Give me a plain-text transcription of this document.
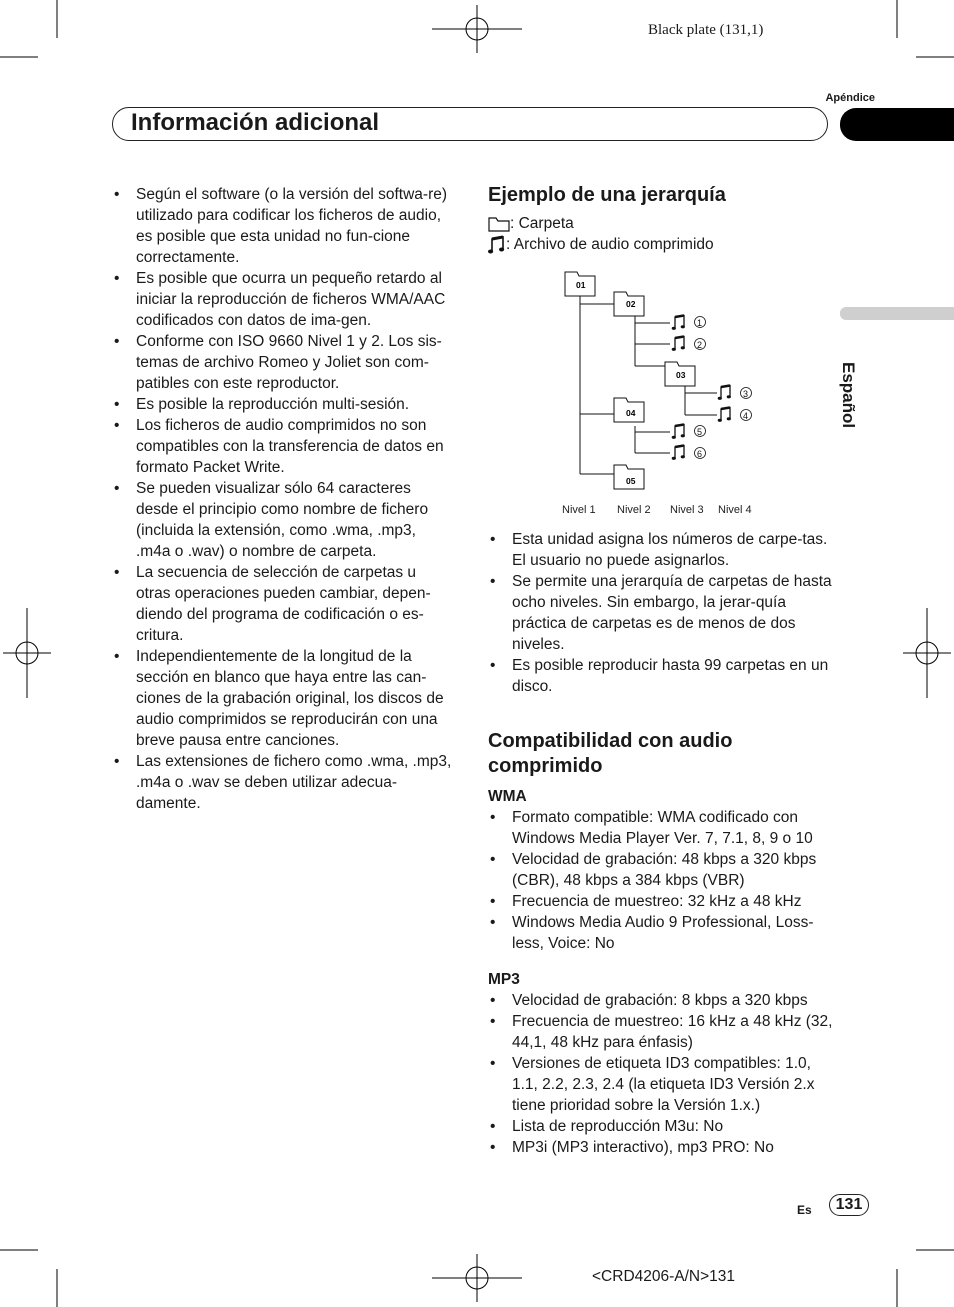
Black plate (131,1)
Apéndice
Información adicional
Español
• Según el software (o la versión del softwa-re) utilizado para codificar los ficheros de audio, es posible que esta unidad no fun-cione correctamente.
• Es posible que ocurra un pequeño retardo al iniciar la reproducción de ficheros WMA/AAC codificados con datos de ima-gen.
• Conforme con ISO 9660 Nivel 1 y 2. Los sis-temas de archivo Romeo y Joliet son com-patibles con este reproductor.
• Es posible la reproducción multi-sesión.
• Los ficheros de audio comprimidos no son compatibles con la transferencia de datos en formato Packet Write.
• Se pueden visualizar sólo 64 caracteres desde el principio como nombre de fichero (incluida la extensión, como .wma, .mp3, .m4a o .wav) o nombre de carpeta.
• La secuencia de selección de carpetas u otras operaciones pueden cambiar, depen-diendo del programa de codificación o es-critura.
• Independientemente de la longitud de la sección en blanco que haya entre las can-ciones de la grabación original, los discos de audio comprimidos se reproducirán con una breve pausa entre canciones.
• Las extensiones de fichero como .wma, .mp3, .m4a o .wav se deben utilizar adecua-damente.
Ejemplo de una jerarquía
: Carpeta
: Archivo de audio comprimido
01
02
03
04
05
1
2
3
4
5
6
Nivel 1 Nivel 2 Nivel 3 Nivel 4
• Esta unidad asigna los números de carpe-tas. El usuario no puede asignarlos.
• Se permite una jerarquía de carpetas de hasta ocho niveles. Sin embargo, la jerar-quía práctica de carpetas es de menos de dos niveles.
• Es posible reproducir hasta 99 carpetas en un disco.
Compatibilidad con audio comprimido
WMA
• Formato compatible: WMA codificado con Windows Media Player Ver. 7, 7.1, 8, 9 o 10
• Velocidad de grabación: 48 kbps a 320 kbps (CBR), 48 kbps a 384 kbps (VBR)
• Frecuencia de muestreo: 32 kHz a 48 kHz
• Windows Media Audio 9 Professional, Loss-less, Voice: No
MP3
• Velocidad de grabación: 8 kbps a 320 kbps
• Frecuencia de muestreo: 16 kHz a 48 kHz (32, 44,1, 48 kHz para énfasis)
• Versiones de etiqueta ID3 compatibles: 1.0, 1.1, 2.2, 2.3, 2.4 (la etiqueta ID3 Versión 2.x tiene prioridad sobre la Versión 1.x.)
• Lista de reproducción M3u: No
• MP3i (MP3 interactivo), mp3 PRO: No
Es	131
<CRD4206-A/N>131
